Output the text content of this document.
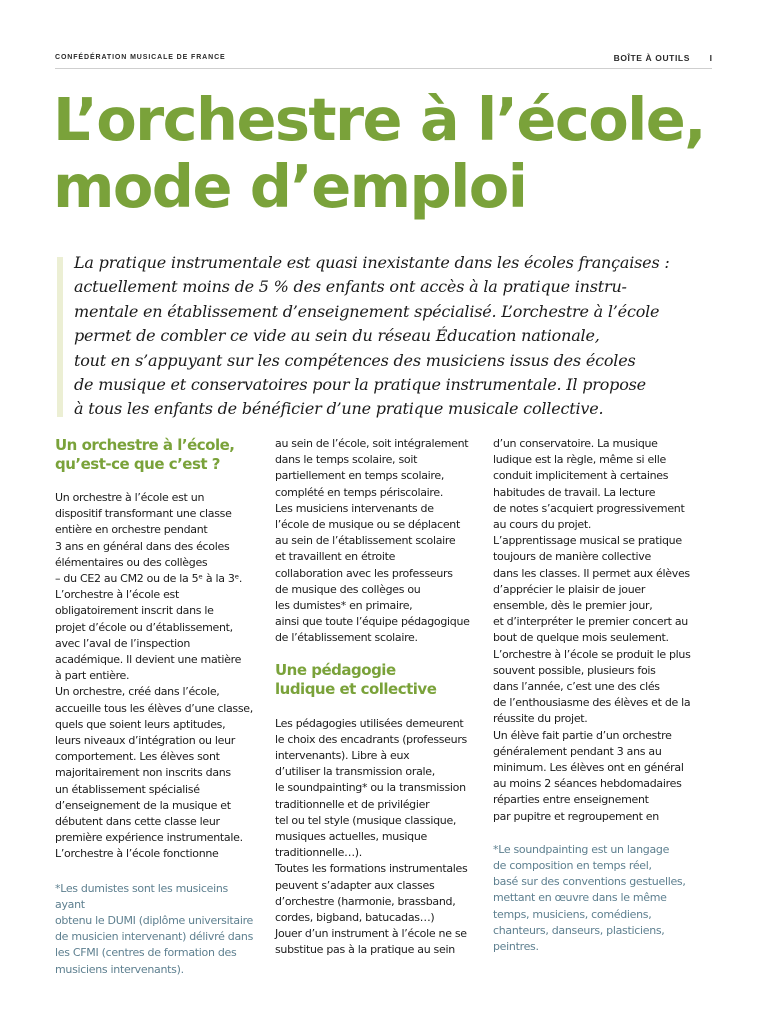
CONFÉDÉRATION MUSICALE DE FRANCE	BOÎTE À OUTILS I
L’orchestre à l’école,
mode d’emploi

La pratique instrumentale est quasi inexistante dans les écoles françaises :
actuellement moins de 5 % des enfants ont accès à la pratique instru-
mentale en établissement d’enseignement spécialisé. L’orchestre à l’école
permet de combler ce vide au sein du réseau Éducation nationale,
tout en s’appuyant sur les compétences des musiciens issus des écoles
de musique et conservatoires pour la pratique instrumentale. Il propose
à tous les enfants de bénéficier d’une pratique musicale collective.

Un orchestre à l’école,
qu’est-ce que c’est ?

Un orchestre à l’école est un
dispositif transformant une classe
entière en orchestre pendant
3 ans en général dans des écoles
élémentaires ou des collèges
– du CE2 au CM2 ou de la 5ᵉ à la 3ᵉ.
L’orchestre à l’école est
obligatoirement inscrit dans le
projet d’école ou d’établissement,
avec l’aval de l’inspection
académique. Il devient une matière
à part entière.
Un orchestre, créé dans l’école,
accueille tous les élèves d’une classe,
quels que soient leurs aptitudes,
leurs niveaux d’intégration ou leur
comportement. Les élèves sont
majoritairement non inscrits dans
un établissement spécialisé
d’enseignement de la musique et
débutent dans cette classe leur
première expérience instrumentale.
L’orchestre à l’école fonctionne

*Les dumistes sont les musiceins ayant
obtenu le DUMI (diplôme universitaire
de musicien intervenant) délivré dans
les CFMI (centres de formation des
musiciens intervenants).

au sein de l’école, soit intégralement
dans le temps scolaire, soit
partiellement en temps scolaire,
complété en temps périscolaire.
Les musiciens intervenants de
l’école de musique ou se déplacent
au sein de l’établissement scolaire
et travaillent en étroite
collaboration avec les professeurs
de musique des collèges ou
les dumistes* en primaire,
ainsi que toute l’équipe pédagogique
de l’établissement scolaire.

Une pédagogie
ludique et collective

Les pédagogies utilisées demeurent
le choix des encadrants (professeurs
intervenants). Libre à eux
d’utiliser la transmission orale,
le soundpainting* ou la transmission
traditionnelle et de privilégier
tel ou tel style (musique classique,
musiques actuelles, musique
traditionnelle…).
Toutes les formations instrumentales
peuvent s’adapter aux classes
d’orchestre (harmonie, brassband,
cordes, bigband, batucadas…)
Jouer d’un instrument à l’école ne se
substitue pas à la pratique au sein

d’un conservatoire. La musique
ludique est la règle, même si elle
conduit implicitement à certaines
habitudes de travail. La lecture
de notes s’acquiert progressivement
au cours du projet.
L’apprentissage musical se pratique
toujours de manière collective
dans les classes. Il permet aux élèves
d’apprécier le plaisir de jouer
ensemble, dès le premier jour,
et d’interpréter le premier concert au
bout de quelque mois seulement.
L’orchestre à l’école se produit le plus
souvent possible, plusieurs fois
dans l’année, c’est une des clés
de l’enthousiasme des élèves et de la
réussite du projet.
Un élève fait partie d’un orchestre
généralement pendant 3 ans au
minimum. Les élèves ont en général
au moins 2 séances hebdomadaires
réparties entre enseignement
par pupitre et regroupement en

*Le soundpainting est un langage
de composition en temps réel,
basé sur des conventions gestuelles,
mettant en œuvre dans le même
temps, musiciens, comédiens,
chanteurs, danseurs, plasticiens,
peintres.
